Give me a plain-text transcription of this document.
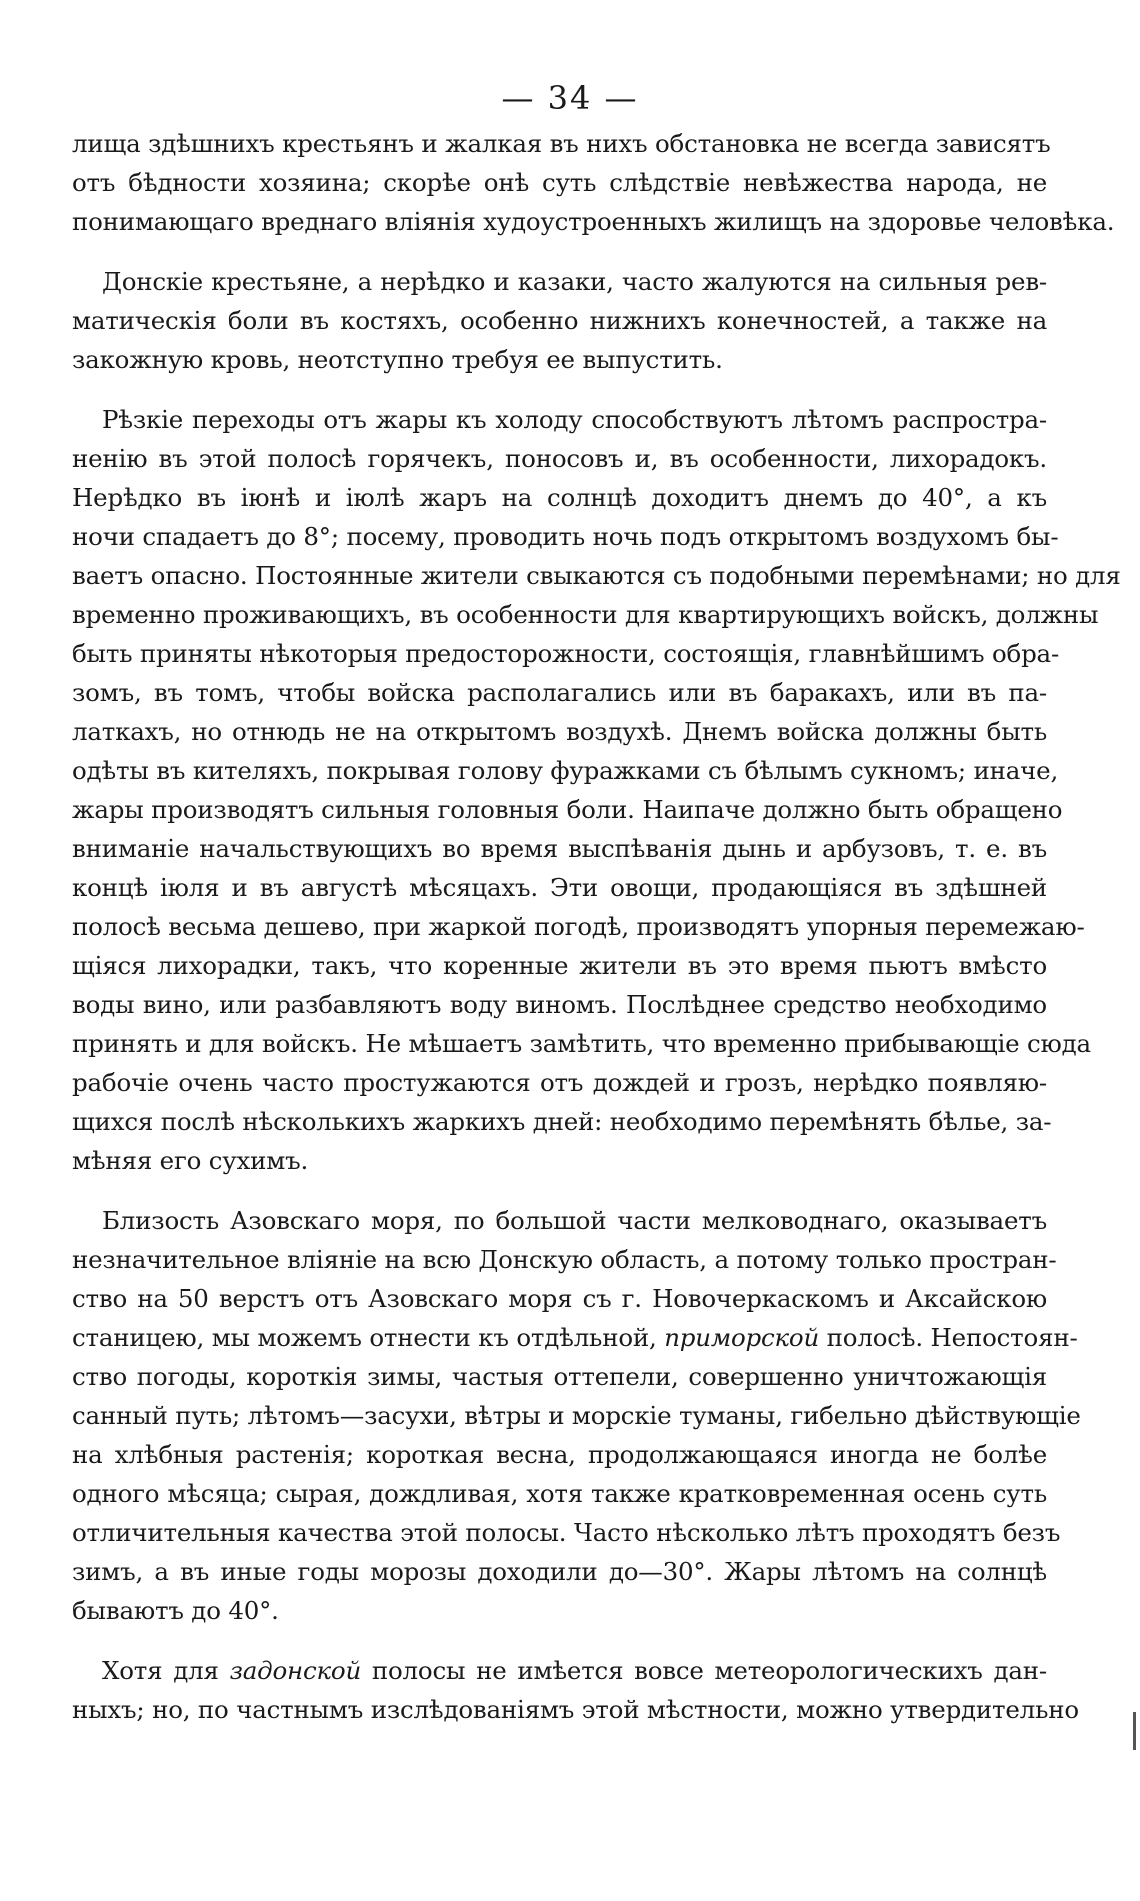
— 34 —
лища здѣшнихъ крестьянъ и жалкая въ нихъ обстановка не всегда зависятъ
отъ бѣдности хозяина; скорѣе онѣ суть слѣдствіе невѣжества народа, не
понимающаго вреднаго вліянія худоустроенныхъ жилищъ на здоровье человѣка.
Донскіе крестьяне, а нерѣдко и казаки, часто жалуются на сильныя рев-
матическія боли въ костяхъ, особенно нижнихъ конечностей, а также на
закожную кровь, неотступно требуя ее выпустить.
Рѣзкіе переходы отъ жары къ холоду способствуютъ лѣтомъ распростра-
ненію въ этой полосѣ горячекъ, поносовъ и, въ особенности, лихорадокъ.
Нерѣдко въ іюнѣ и іюлѣ жаръ на солнцѣ доходитъ днемъ до 40°, а къ
ночи спадаетъ до 8°; посему, проводить ночь подъ открытомъ воздухомъ бы-
ваетъ опасно. Постоянные жители свыкаются съ подобными перемѣнами; но для
временно проживающихъ, въ особенности для квартирующихъ войскъ, должны
быть приняты нѣкоторыя предосторожности, состоящія, главнѣйшимъ обра-
зомъ, въ томъ, чтобы войска располагались или въ баракахъ, или въ па-
латкахъ, но отнюдь не на открытомъ воздухѣ. Днемъ войска должны быть
одѣты въ кителяхъ, покрывая голову фуражками съ бѣлымъ сукномъ; иначе,
жары производятъ сильныя головныя боли. Наипаче должно быть обращено
вниманіе начальствующихъ во время выспѣванія дынь и арбузовъ, т. е. въ
концѣ іюля и въ августѣ мѣсяцахъ. Эти овощи, продающіяся въ здѣшней
полосѣ весьма дешево, при жаркой погодѣ, производятъ упорныя перемежаю-
щіяся лихорадки, такъ, что коренные жители въ это время пьютъ вмѣсто
воды вино, или разбавляютъ воду виномъ. Послѣднее средство необходимо
принять и для войскъ. Не мѣшаетъ замѣтить, что временно прибывающіе сюда
рабочіе очень часто простужаются отъ дождей и грозъ, нерѣдко появляю-
щихся послѣ нѣсколькихъ жаркихъ дней: необходимо перемѣнять бѣлье, за-
мѣняя его сухимъ.
Близость Азовскаго моря, по большой части мелководнаго, оказываетъ
незначительное вліяніе на всю Донскую область, а потому только простран-
ство на 50 верстъ отъ Азовскаго моря съ г. Новочеркаскомъ и Аксайскою
станицею, мы можемъ отнести къ отдѣльной, приморской полосѣ. Непостоян-
ство погоды, короткія зимы, частыя оттепели, совершенно уничтожающія
санный путь; лѣтомъ—засухи, вѣтры и морскіе туманы, гибельно дѣйствующіе
на хлѣбныя растенія; короткая весна, продолжающаяся иногда не болѣе
одного мѣсяца; сырая, дождливая, хотя также кратковременная осень суть
отличительныя качества этой полосы. Часто нѣсколько лѣтъ проходятъ безъ
зимъ, а въ иные годы морозы доходили до—30°. Жары лѣтомъ на солнцѣ
бываютъ до 40°.
Хотя для задонской полосы не имѣется вовсе метеорологическихъ дан-
ныхъ; но, по частнымъ изслѣдованіямъ этой мѣстности, можно утвердительно
